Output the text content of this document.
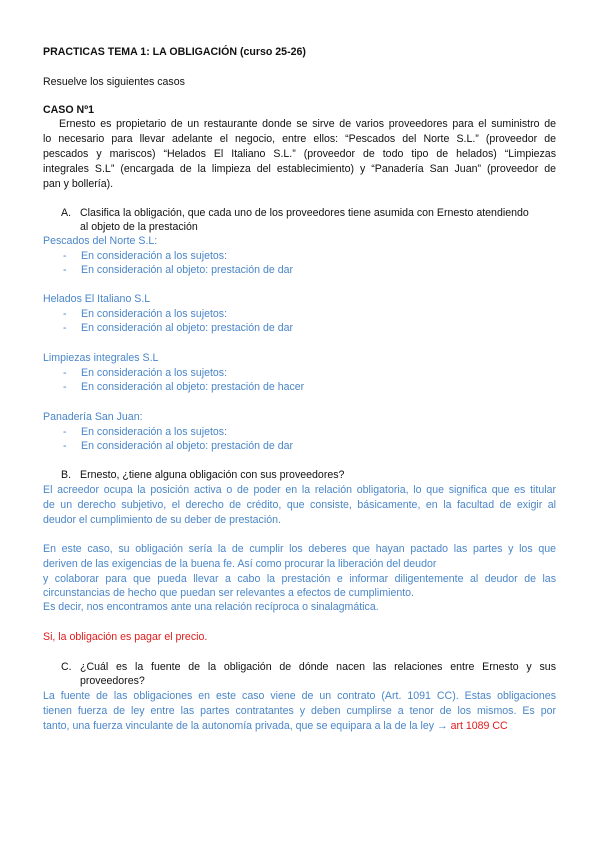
PRACTICAS TEMA 1: LA OBLIGACIÓN (curso 25-26)
Resuelve los siguientes casos
CASO Nº1
Ernesto es propietario de un restaurante donde se sirve de varios proveedores para el suministro de
lo necesario para llevar adelante el negocio, entre ellos: “Pescados del Norte S.L.” (proveedor de
pescados y mariscos) “Helados El Italiano S.L.” (proveedor de todo tipo de helados) “Limpiezas
integrales S.L” (encargada de la limpieza del establecimiento) y “Panadería San Juan” (proveedor de
pan y bollería).
A. Clasifica la obligación, que cada uno de los proveedores tiene asumida con Ernesto atendiendo
al objeto de la prestación
Pescados del Norte S.L:
- En consideración a los sujetos:
- En consideración al objeto: prestación de dar
Helados El Italiano S.L
- En consideración a los sujetos:
- En consideración al objeto: prestación de dar
Limpiezas integrales S.L
- En consideración a los sujetos:
- En consideración al objeto: prestación de hacer
Panadería San Juan:
- En consideración a los sujetos:
- En consideración al objeto: prestación de dar
B. Ernesto, ¿tiene alguna obligación con sus proveedores?
El acreedor ocupa la posición activa o de poder en la relación obligatoria, lo que significa que es titular
de un derecho subjetivo, el derecho de crédito, que consiste, básicamente, en la facultad de exigir al
deudor el cumplimiento de su deber de prestación.
En este caso, su obligación sería la de cumplir los deberes que hayan pactado las partes y los que
deriven de las exigencias de la buena fe. Así como procurar la liberación del deudor
y colaborar para que pueda llevar a cabo la prestación e informar diligentemente al deudor de las
circunstancias de hecho que puedan ser relevantes a efectos de cumplimiento.
Es decir, nos encontramos ante una relación recíproca o sinalagmática.
Si, la obligación es pagar el precio.
C. ¿Cuál es la fuente de la obligación de dónde nacen las relaciones entre Ernesto y sus
proveedores?
La fuente de las obligaciones en este caso viene de un contrato (Art. 1091 CC). Estas obligaciones
tienen fuerza de ley entre las partes contratantes y deben cumplirse a tenor de los mismos. Es por
tanto, una fuerza vinculante de la autonomía privada, que se equipara a la de la ley → art 1089 CC
